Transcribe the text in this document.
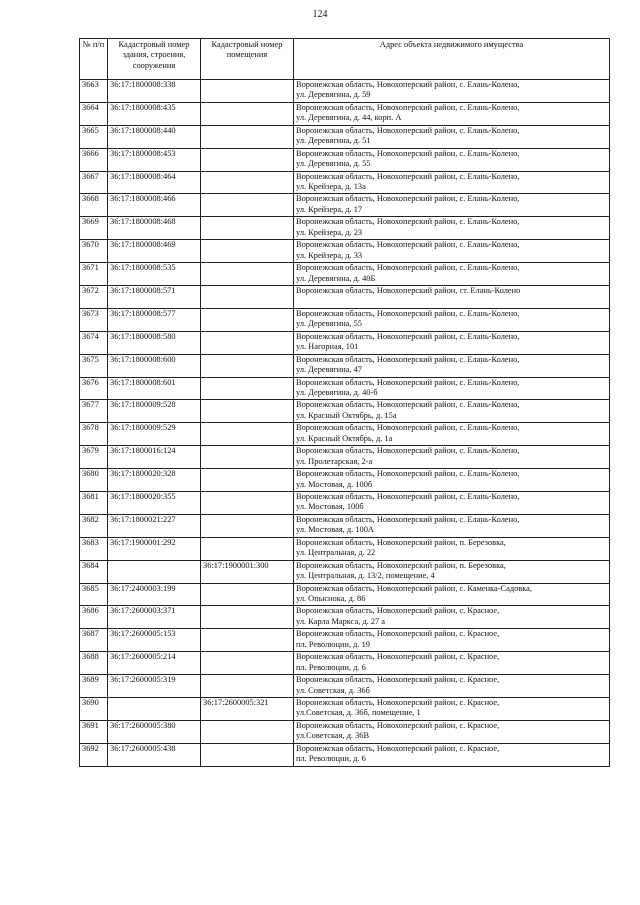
124
№ п/п	Кадастровый номер здания, строения, сооружения	Кадастровый номер помещения	Адрес объекта недвижимого имущества
3663	36:17:1800008:338		Воронежская область, Новохоперский район, с. Елань-Колено,
ул. Деревягина, д. 59

3664	36:17:1800008:435		Воронежская область, Новохоперский район, с. Елань-Колено,
ул. Деревягина, д. 44, корп. А

3665	36:17:1800008:440		Воронежская область, Новохоперский район, с. Елань-Колено,
ул. Деревягина, д. 51

3666	36:17:1800008:453		Воронежская область, Новохоперский район, с. Елань-Колено,
ул. Деревягина, д. 55

3667	36:17:1800008:464		Воронежская область, Новохоперский район, с. Елань-Колено,
ул. Крейзера, д. 13а

3668	36:17:1800008:466		Воронежская область, Новохоперский район, с. Елань-Колено,
ул. Крейзера, д. 17

3669	36:17:1800008:468		Воронежская область, Новохоперский район, с. Елань-Колено,
ул. Крейзера, д. 23

3670	36:17:1800008:469		Воронежская область, Новохоперский район, с. Елань-Колено,
ул. Крейзера, д. 33

3671	36:17:1800008:535		Воронежская область, Новохоперский район, с. Елань-Колено,
ул. Деревягина, д. 40Б

3672	36:17:1800008:571		Воронежская область, Новохоперский район, ст. Елань-Колено

3673	36:17:1800008:577		Воронежская область, Новохоперский район, с. Елань-Колено,
ул. Деревягина, 55

3674	36:17:1800008:580		Воронежская область, Новохоперский район, с. Елань-Колено,
ул. Нагорная, 101

3675	36:17:1800008:600		Воронежская область, Новохоперский район, с. Елань-Колено,
ул. Деревягина, 47

3676	36:17:1800008:601		Воронежская область, Новохоперский район, с. Елань-Колено,
ул. Деревягина, д. 40-б

3677	36:17:1800009:528		Воронежская область, Новохоперский район, с. Елань-Колено,
ул. Красный Октябрь, д. 15а

3678	36:17:1800009:529		Воронежская область, Новохоперский район, с. Елань-Колено,
ул. Красный Октябрь, д. 1а

3679	36:17:1800016:124		Воронежская область, Новохоперский район, с. Елань-Колено,
ул. Пролетарская, 2-а

3680	36:17:1800020:328		Воронежская область, Новохоперский район, с. Елань-Колено,
ул. Мостовая, д. 100б

3681	36:17:1800020:355		Воронежская область, Новохоперский район, с. Елань-Колено,
ул. Мостовая, 100б

3682	36:17:1800021:227		Воронежская область, Новохоперский район, с. Елань-Колено,
ул. Мостовая, д. 100А

3683	36:17:1900001:292		Воронежская область, Новохоперский район, п. Березовка,
ул. Центральная, д. 22

3684		36:17:1900001:300	Воронежская область, Новохоперский район, п. Березовка,
ул. Центральная, д. 13/2, помещение, 4

3685	36:17:2400003:199		Воронежская область, Новохоперский район, с. Каменка-Садовка,
ул. Опыснока, д. 86

3686	36:17:2600003:371		Воронежская область, Новохоперский район, с. Красное,
ул. Карла Маркса, д. 27 а

3687	36:17:2600005:153		Воронежская область, Новохоперский район, с. Красное,
пл. Революции, д. 19

3688	36:17:2600005:214		Воронежская область, Новохоперский район, с. Красное,
пл. Революции, д. 6

3689	36:17:2600005:319		Воронежская область, Новохоперский район, с. Красное,
ул. Советская, д. 36б

3690		36:17:2600005:321	Воронежская область, Новохоперский район, с. Красное,
ул.Советская, д. 36б, помещение, 1

3691	36:17:2600005:380		Воронежская область, Новохоперский район, с. Красное,
ул.Советская, д. 36В

3692	36:17:2600005:438		Воронежская область, Новохоперский район, с. Красное,
пл. Революции, д. 6
